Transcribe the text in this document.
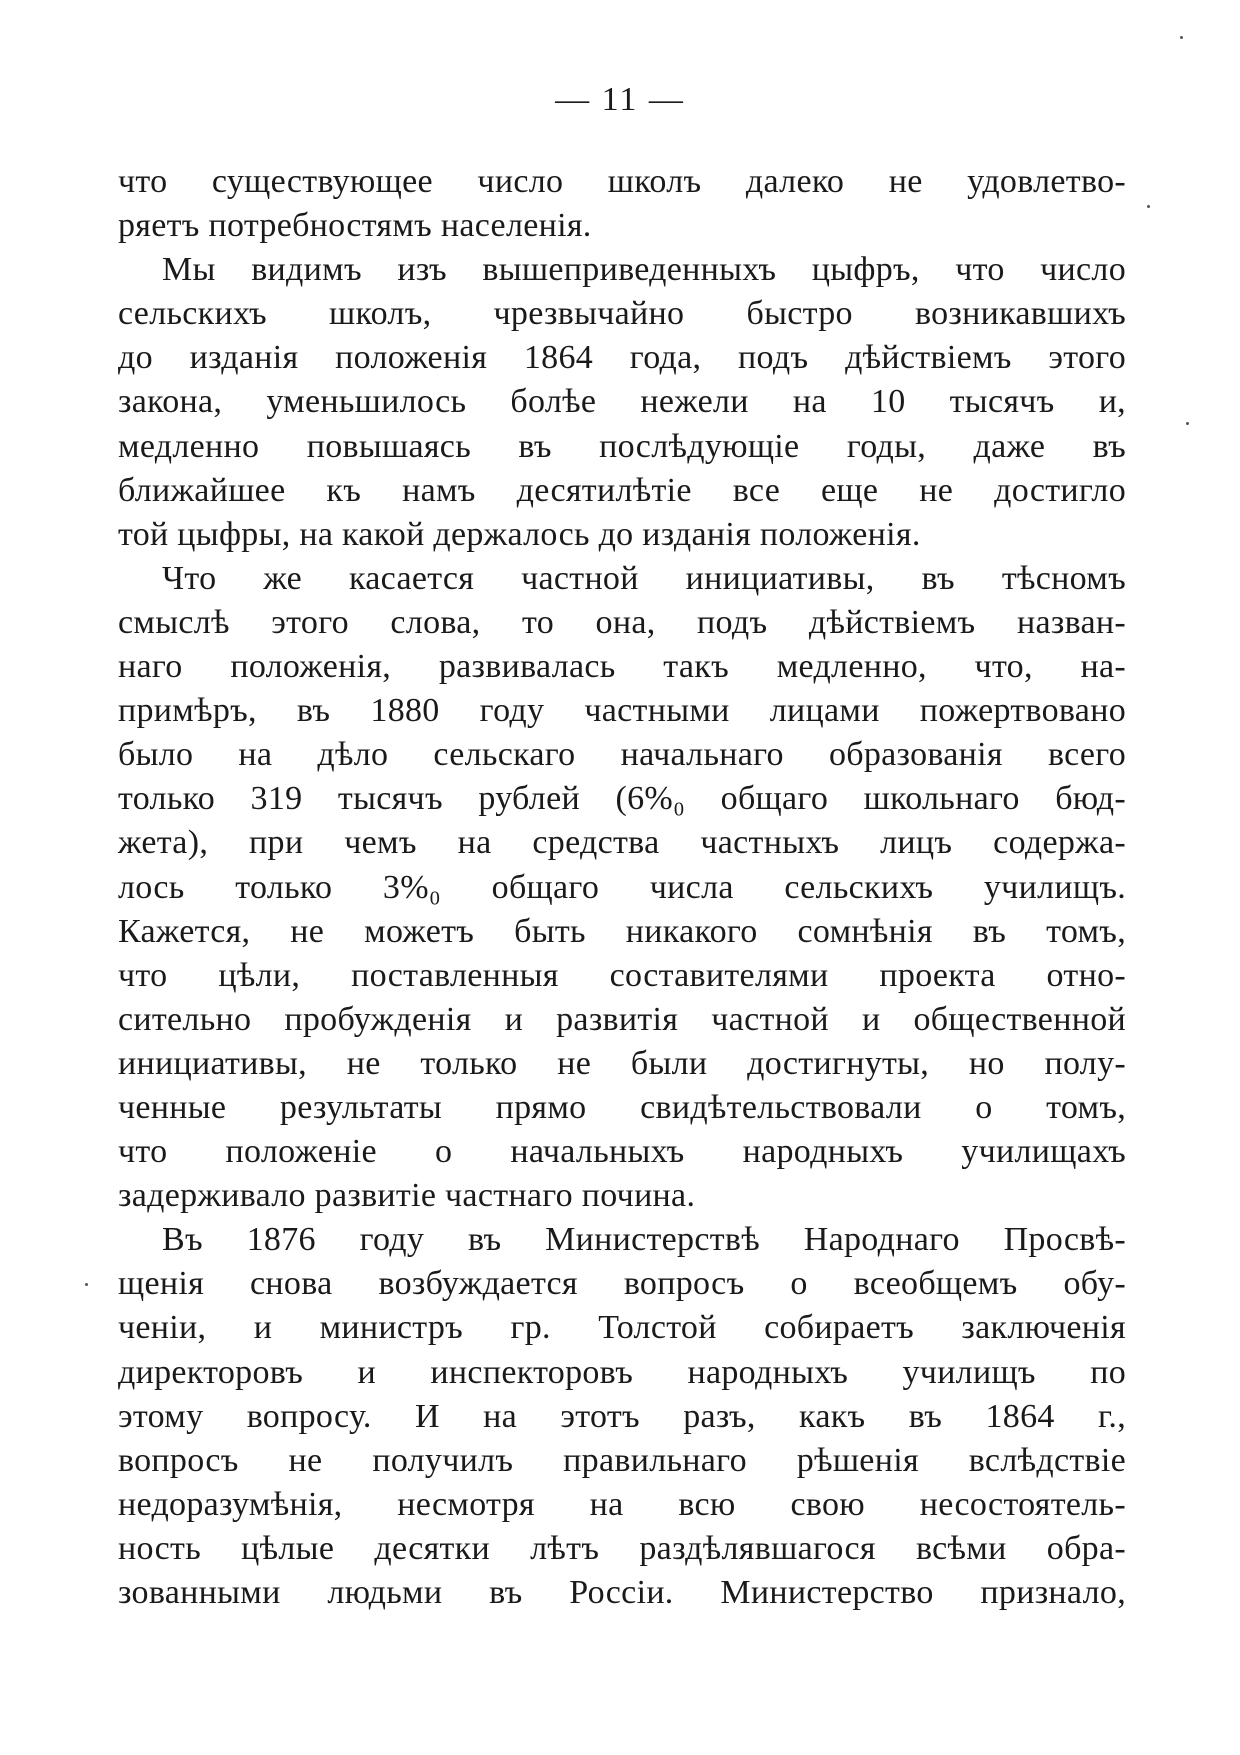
— 11 —
что существующее число школъ далеко не удовлетво-
ряетъ потребностямъ населенія.
Мы видимъ изъ вышеприведенныхъ цыфръ, что число
сельскихъ школъ, чрезвычайно быстро возникавшихъ
до изданія положенія 1864 года, подъ дѣйствіемъ этого
закона, уменьшилось болѣе нежели на 10 тысячъ и,
медленно повышаясь въ послѣдующіе годы, даже въ
ближайшее къ намъ десятилѣтіе все еще не достигло
той цыфры, на какой держалось до изданія положенія.
Что же касается частной инициативы, въ тѣсномъ
смыслѣ этого слова, то она, подъ дѣйствіемъ назван-
наго положенія, развивалась такъ медленно, что, на-
примѣръ, въ 1880 году частными лицами пожертвовано
было на дѣло сельскаго начальнаго образованія всего
только 319 тысячъ рублей (6%₀ общаго школьнаго бюд-
жета), при чемъ на средства частныхъ лицъ содержа-
лось только 3%₀ общаго числа сельскихъ училищъ.
Кажется, не можетъ быть никакого сомнѣнія въ томъ,
что цѣли, поставленныя составителями проекта отно-
сительно пробужденія и развитія частной и общественной
инициативы, не только не были достигнуты, но полу-
ченные результаты прямо свидѣтельствовали о томъ,
что положеніе о начальныхъ народныхъ училищахъ
задерживало развитіе частнаго почина.
Въ 1876 году въ Министерствѣ Народнаго Просвѣ-
щенія снова возбуждается вопросъ о всеобщемъ обу-
ченіи, и министръ гр. Толстой собираетъ заключенія
директоровъ и инспекторовъ народныхъ училищъ по
этому вопросу. И на этотъ разъ, какъ въ 1864 г.,
вопросъ не получилъ правильнаго рѣшенія вслѣдствіе
недоразумѣнія, несмотря на всю свою несостоятель-
ность цѣлые десятки лѣтъ раздѣлявшагося всѣми обра-
зованными людьми въ Россіи. Министерство признало,
